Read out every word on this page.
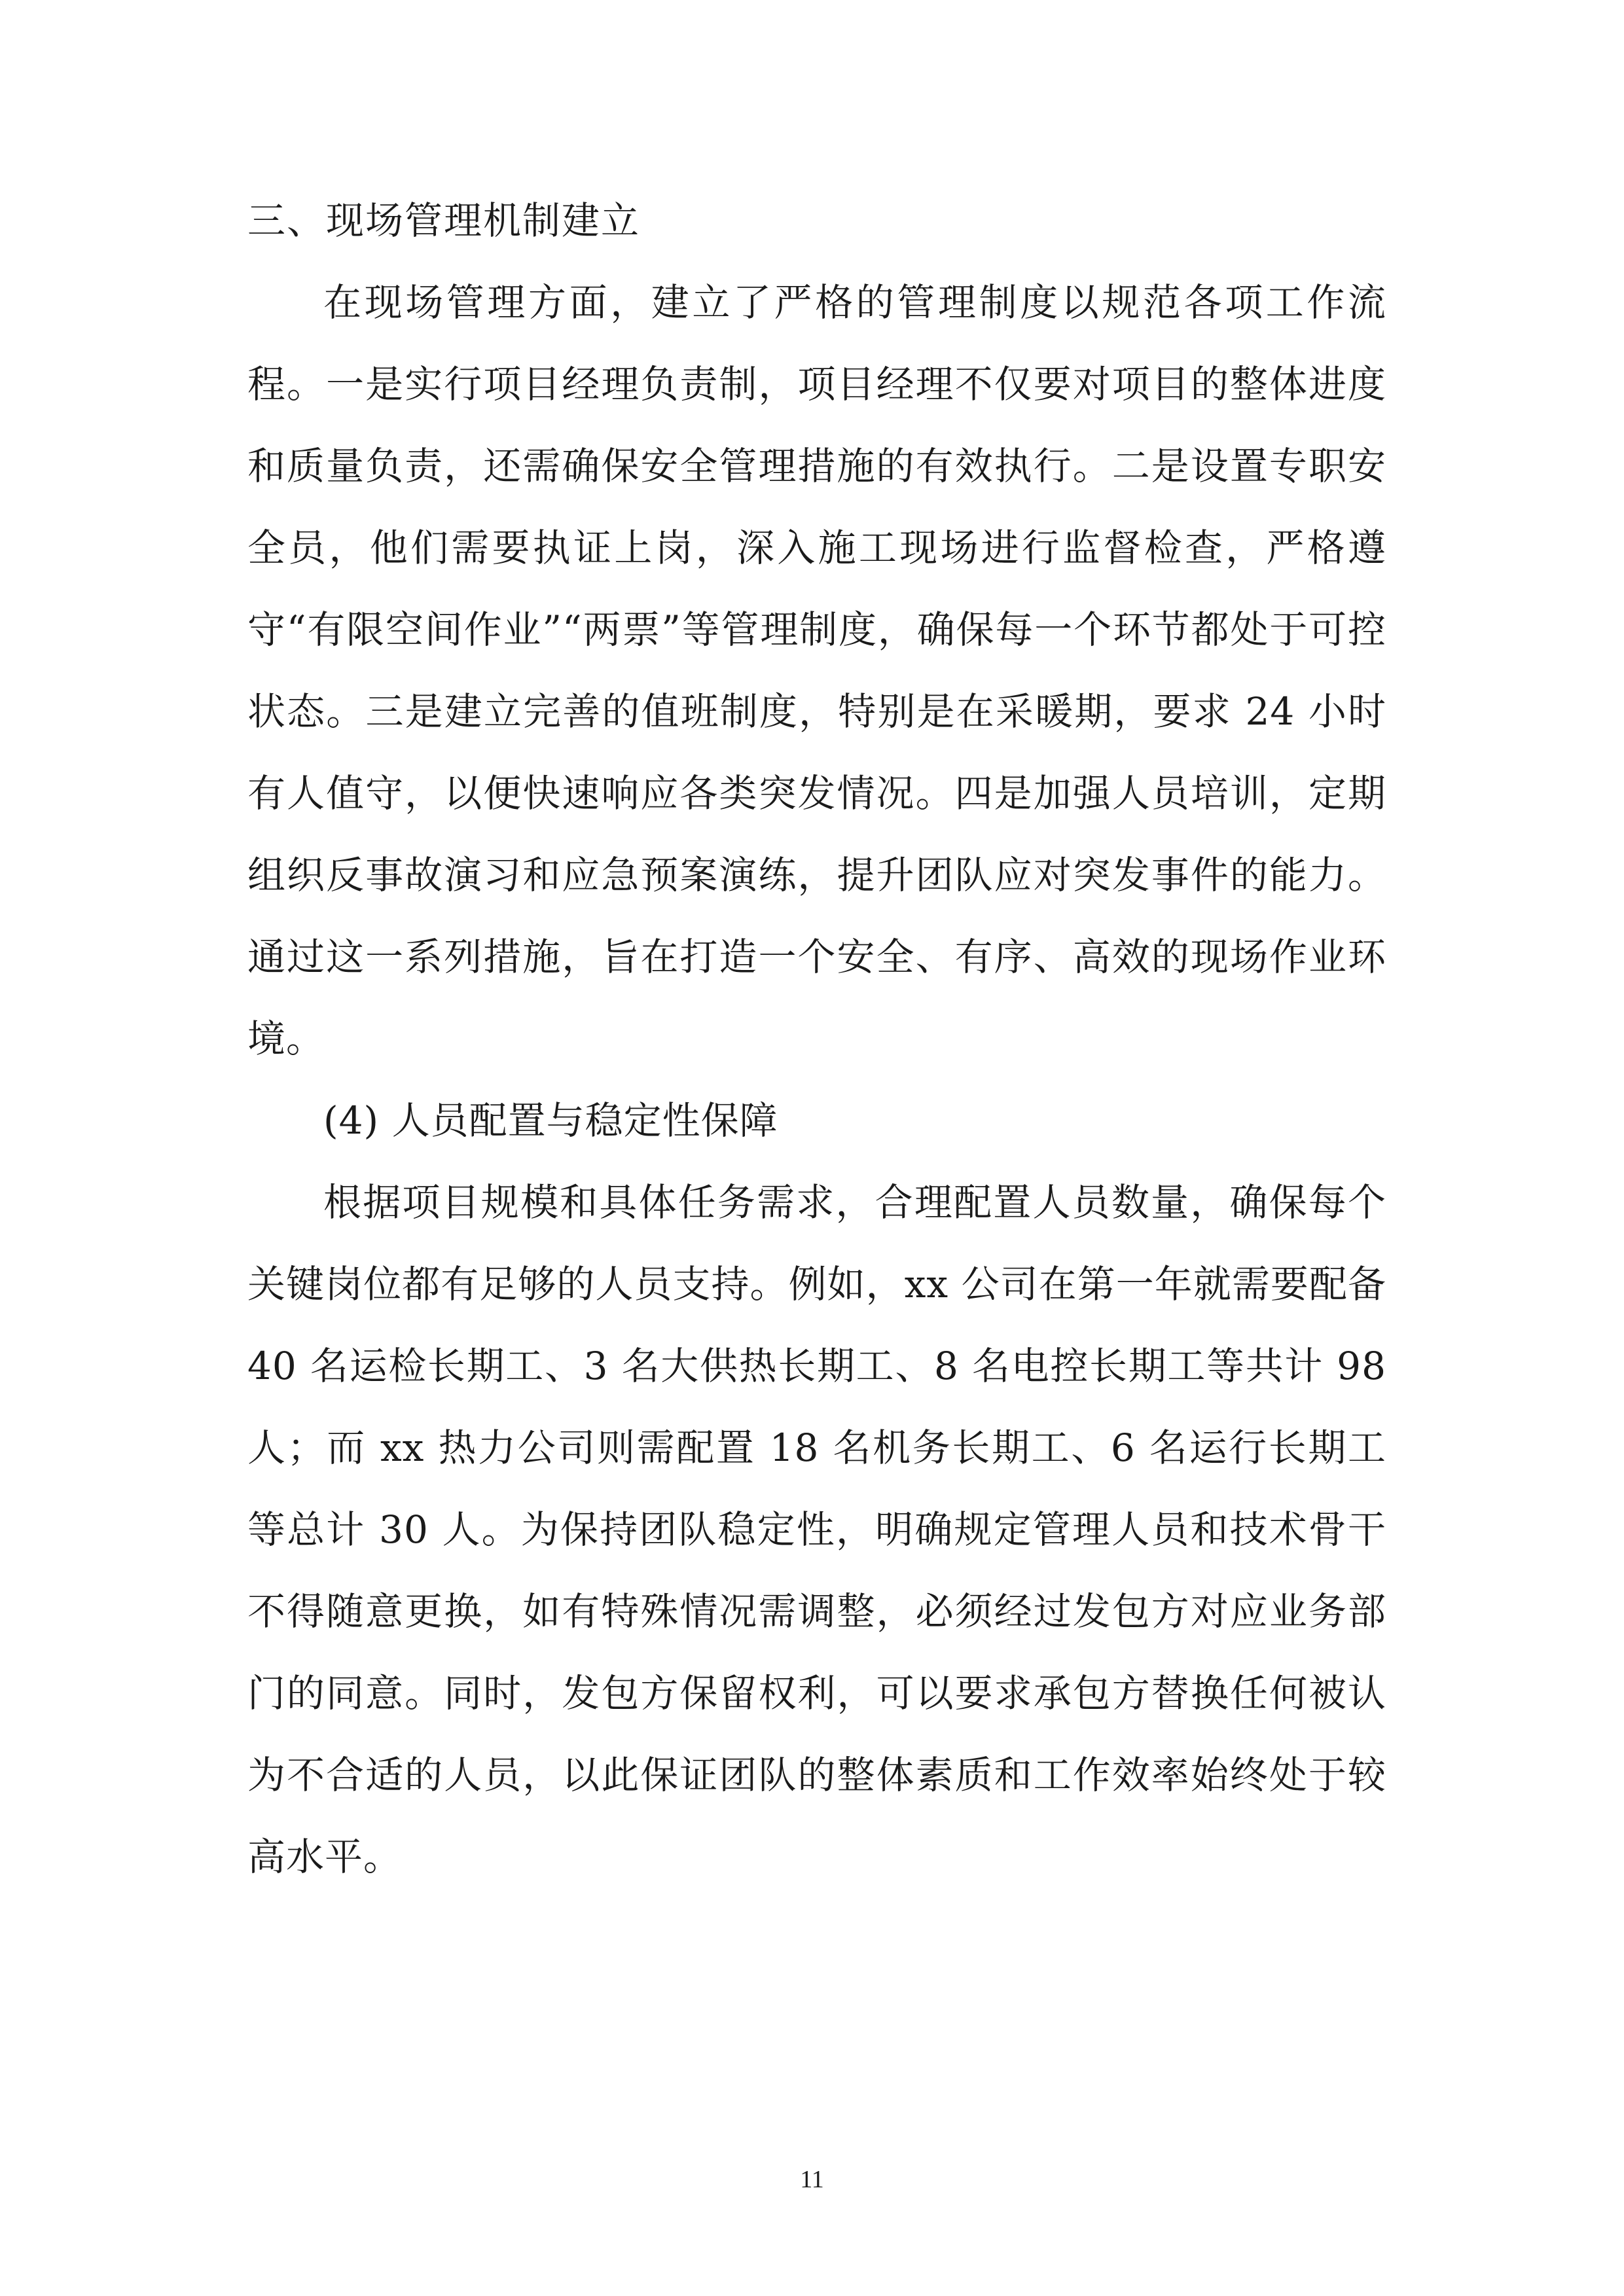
三、现场管理机制建立

在现场管理方面，建立了严格的管理制度以规范各项工作流程。一是实行项目经理负责制，项目经理不仅要对项目的整体进度和质量负责，还需确保安全管理措施的有效执行。二是设置专职安全员，他们需要执证上岗，深入施工现场进行监督检查，严格遵守“有限空间作业”“两票”等管理制度，确保每一个环节都处于可控状态。三是建立完善的值班制度，特别是在采暖期，要求 24 小时有人值守，以便快速响应各类突发情况。四是加强人员培训，定期组织反事故演习和应急预案演练，提升团队应对突发事件的能力。通过这一系列措施，旨在打造一个安全、有序、高效的现场作业环境。

(4) 人员配置与稳定性保障

根据项目规模和具体任务需求，合理配置人员数量，确保每个关键岗位都有足够的人员支持。例如，xx 公司在第一年就需要配备 40 名运检长期工、3 名大供热长期工、8 名电控长期工等共计 98 人；而 xx 热力公司则需配置 18 名机务长期工、6 名运行长期工等总计 30 人。为保持团队稳定性，明确规定管理人员和技术骨干不得随意更换，如有特殊情况需调整，必须经过发包方对应业务部门的同意。同时，发包方保留权利，可以要求承包方替换任何被认为不合适的人员，以此保证团队的整体素质和工作效率始终处于较高水平。

11
